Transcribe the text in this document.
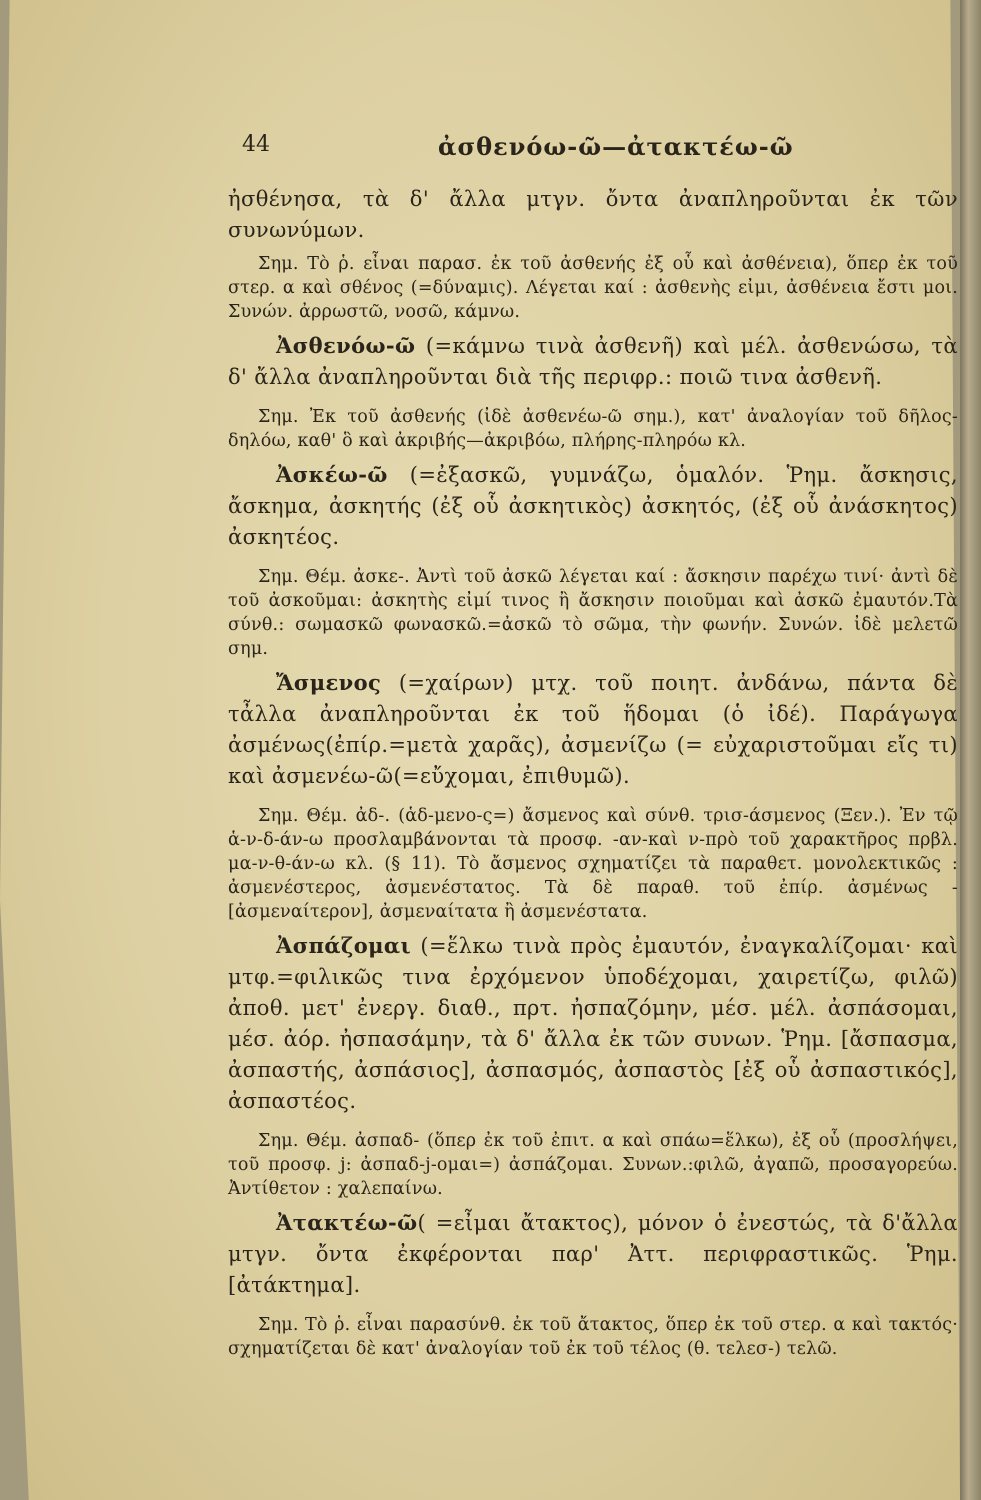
44	ἀσθενόω-ῶ—ἀτακτέω-ῶ

ἠσθένησα, τὰ δ' ἄλλα μτγν. ὄντα ἀναπληροῦνται ἐκ τῶν συνωνύμων.

Σημ. Τὸ ῥ. εἶναι παρασ. ἐκ τοῦ ἀσθενής ἐξ οὗ καὶ ἀσθένεια), ὅπερ ἐκ τοῦ στερ. α καὶ σθένος (=δύναμις). Λέγεται καί : ἀσθενὴς εἰμι, ἀσθένεια ἔστι μοι. Συνών. ἀρρωστῶ, νοσῶ, κάμνω.

Ἀσθενόω-ῶ (=κάμνω τινὰ ἀσθενῆ) καὶ μέλ. ἀσθενώσω, τὰ δ' ἄλλα ἀναπληροῦνται διὰ τῆς περιφρ.: ποιῶ τινα ἀσθενῆ.

Σημ. Ἐκ τοῦ ἀσθενής (ἰδὲ ἀσθενέω-ῶ σημ.), κατ' ἀναλογίαν τοῦ δῆλος-δηλόω, καθ' ὃ καὶ ἀκριβής—ἀκριβόω, πλήρης-πληρόω κλ.

Ἀσκέω-ῶ (=ἐξασκῶ, γυμνάζω, ὁμαλόν. Ῥημ. ἄσκησις, ἄσκημα, ἀσκητής (ἐξ οὗ ἀσκητικὸς) ἀσκητός, (ἐξ οὗ ἀνάσκητος) ἀσκητέος.

Σημ. Θέμ. ἀσκε-. Ἀντὶ τοῦ ἀσκῶ λέγεται καί : ἄσκησιν παρέχω τινί· ἀντὶ δὲ τοῦ ἀσκοῦμαι: ἀσκητὴς εἰμί τινος ἢ ἄσκησιν ποιοῦμαι καὶ ἀσκῶ ἐμαυτόν.Τὰ σύνθ.: σωμασκῶ φωνασκῶ.=ἀσκῶ τὸ σῶμα, τὴν φωνήν. Συνών. ἰδὲ μελετῶ σημ.

Ἄσμενος (=χαίρων) μτχ. τοῦ ποιητ. ἀνδάνω, πάντα δὲ τἆλλα ἀναπληροῦνται ἐκ τοῦ ἥδομαι (ὁ ἰδέ). Παράγωγα ἀσμένως(ἐπίρ.=μετὰ χαρᾶς), ἀσμενίζω (= εὐχαριστοῦμαι εἴς τι) καὶ ἀσμενέω-ῶ(=εὔχομαι, ἐπιθυμῶ).

Σημ. Θέμ. ἀδ-. (ἁδ-μενο-ς=) ἄσμενος καὶ σύνθ. τρισ-άσμενος (Ξεν.). Ἐν τῷ ἁ-ν-δ-άν-ω προσλαμβάνονται τὰ προσφ. -αν-καὶ ν-πρὸ τοῦ χαρακτῆρος πρβλ. μα-ν-θ-άν-ω κλ. (§ 11). Τὸ ἄσμενος σχηματίζει τὰ παραθετ. μονολεκτικῶς : ἀσμενέστερος, ἀσμενέστατος. Τὰ δὲ παραθ. τοῦ ἐπίρ. ἀσμένως -[ἀσμεναίτερον], ἀσμεναίτατα ἢ ἀσμενέστατα.

Ἀσπάζομαι (=ἕλκω τινὰ πρὸς ἐμαυτόν, ἐναγκαλίζομαι· καὶ μτφ.=φιλικῶς τινα ἐρχόμενον ὑποδέχομαι, χαιρετίζω, φιλῶ) ἀποθ. μετ' ἐνεργ. διαθ., πρτ. ἠσπαζόμην, μέσ. μέλ. ἀσπάσομαι, μέσ. ἀόρ. ἠσπασάμην, τὰ δ' ἄλλα ἐκ τῶν συνων. Ῥημ. [ἄσπασμα, ἀσπαστής, ἀσπάσιος], ἀσπασμός, ἀσπαστὸς [ἐξ οὗ ἀσπαστικός], ἀσπαστέος.

Σημ. Θέμ. ἀσπαδ- (ὅπερ ἐκ τοῦ ἐπιτ. α καὶ σπάω=ἕλκω), ἐξ οὗ (προσλήψει, τοῦ προσφ. j: ἀσπαδ-j-ομαι=) ἀσπάζομαι. Συνων.:φιλῶ, ἀγαπῶ, προσαγορεύω. Ἀντίθετον : χαλεπαίνω.

Ἀτακτέω-ῶ( =εἶμαι ἄτακτος), μόνον ὁ ἐνεστώς, τὰ δ'ἄλλα μτγν. ὄντα ἐκφέρονται παρ' Ἀττ. περιφραστικῶς. Ῥημ. [ἀτάκτημα].

Σημ. Τὸ ῥ. εἶναι παρασύνθ. ἐκ τοῦ ἄτακτος, ὅπερ ἐκ τοῦ στερ. α καὶ τακτός· σχηματίζεται δὲ κατ' ἀναλογίαν τοῦ ἐκ τοῦ τέλος (θ. τελεσ-) τελῶ.
